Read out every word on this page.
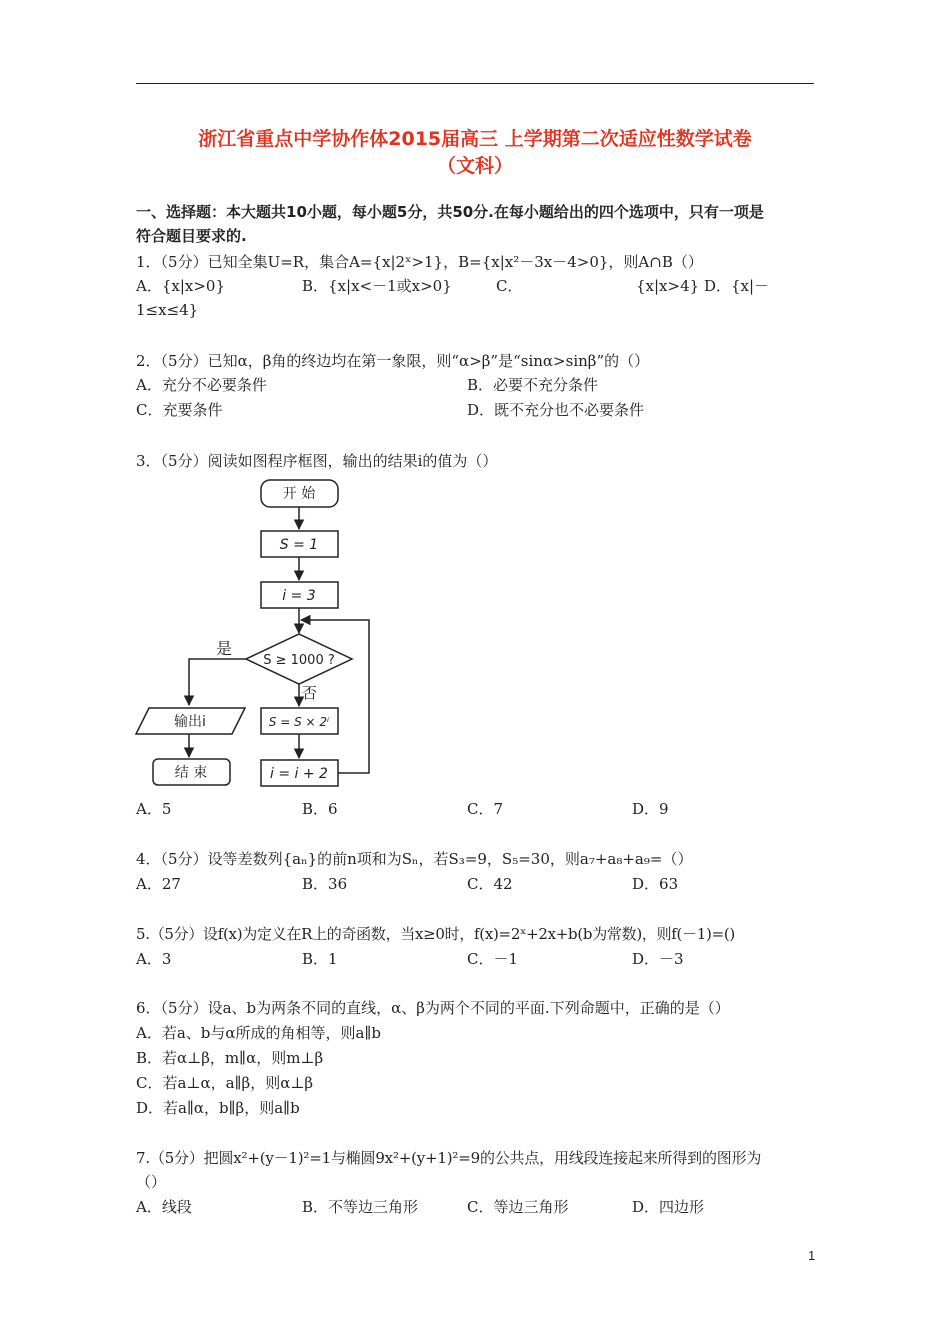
浙江省重点中学协作体2015届高三 上学期第二次适应性数学试卷
（文科）
一、选择题：本大题共10小题，每小题5分，共50分.在每小题给出的四个选项中，只有一项是
符合题目要求的.
1．（5分）已知全集U=R，集合A={x|2ˣ>1}，B={x|x²－3x－4>0}，则A∩B（）
A．{x|x>0}	B．{x|x<－1或x>0}	C．	{x|x>4} D．{x|－
1≤x≤4}
2．（5分）已知α，β角的终边均在第一象限，则“α>β”是“sinα>sinβ”的（）
A．充分不必要条件	B．必要不充分条件
C．充要条件	D．既不充分也不必要条件
3．（5分）阅读如图程序框图，输出的结果i的值为（）
开 始
S = 1
i = 3
S ≥ 1000 ?
是
否
S = S × 2ⁱ
i = i + 2
输出i
结 束
A．5	B．6	C．7	D．9
4．（5分）设等差数列{aₙ}的前n项和为Sₙ，若S₃=9，S₅=30，则a₇+a₈+a₉=（）
A．27	B．36	C．42	D．63
5.（5分）设f(x)为定义在R上的奇函数，当x≥0时，f(x)=2ˣ+2x+b(b为常数)，则f(－1)=()
A．3	B．1	C．－1	D．－3
6．（5分）设a、b为两条不同的直线，α、β为两个不同的平面.下列命题中，正确的是（）
A．若a、b与α所成的角相等，则a∥b
B．若α⊥β，m∥α，则m⊥β
C．若a⊥α，a∥β，则α⊥β
D．若a∥α，b∥β，则a∥b
7.（5分）把圆x²+(y－1)²=1与椭圆9x²+(y+1)²=9的公共点，用线段连接起来所得到的图形为
（）
A．线段	B．不等边三角形	C．等边三角形	D．四边形
1
